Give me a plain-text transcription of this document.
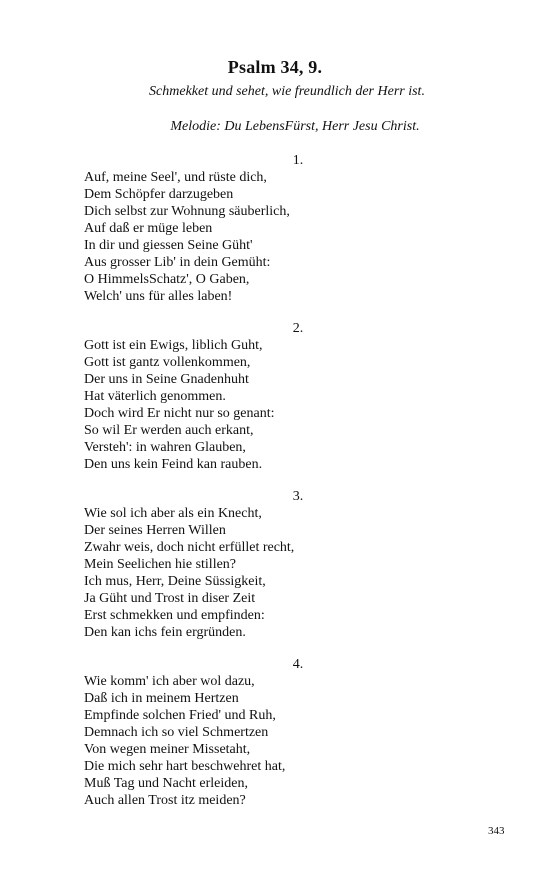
Psalm 34, 9.
Schmekket und sehet, wie freundlich der Herr ist.
Melodie: Du LebensFürst, Herr Jesu Christ.
1.
Auf, meine Seel', und rüste dich,
Dem Schöpfer darzugeben
Dich selbst zur Wohnung säuberlich,
Auf daß er müge leben
In dir und giessen Seine Güht'
Aus grosser Lib' in dein Gemüht:
O HimmelsSchatz', O Gaben,
Welch' uns für alles laben!
2.
Gott ist ein Ewigs, liblich Guht,
Gott ist gantz vollenkommen,
Der uns in Seine Gnadenhuht
Hat väterlich genommen.
Doch wird Er nicht nur so genant:
So wil Er werden auch erkant,
Versteh': in wahren Glauben,
Den uns kein Feind kan rauben.
3.
Wie sol ich aber als ein Knecht,
Der seines Herren Willen
Zwahr weis, doch nicht erfüllet recht,
Mein Seelichen hie stillen?
Ich mus, Herr, Deine Süssigkeit,
Ja Güht und Trost in diser Zeit
Erst schmekken und empfinden:
Den kan ichs fein ergründen.
4.
Wie komm' ich aber wol dazu,
Daß ich in meinem Hertzen
Empfinde solchen Fried' und Ruh,
Demnach ich so viel Schmertzen
Von wegen meiner Missetaht,
Die mich sehr hart beschwehret hat,
Muß Tag und Nacht erleiden,
Auch allen Trost itz meiden?
343
